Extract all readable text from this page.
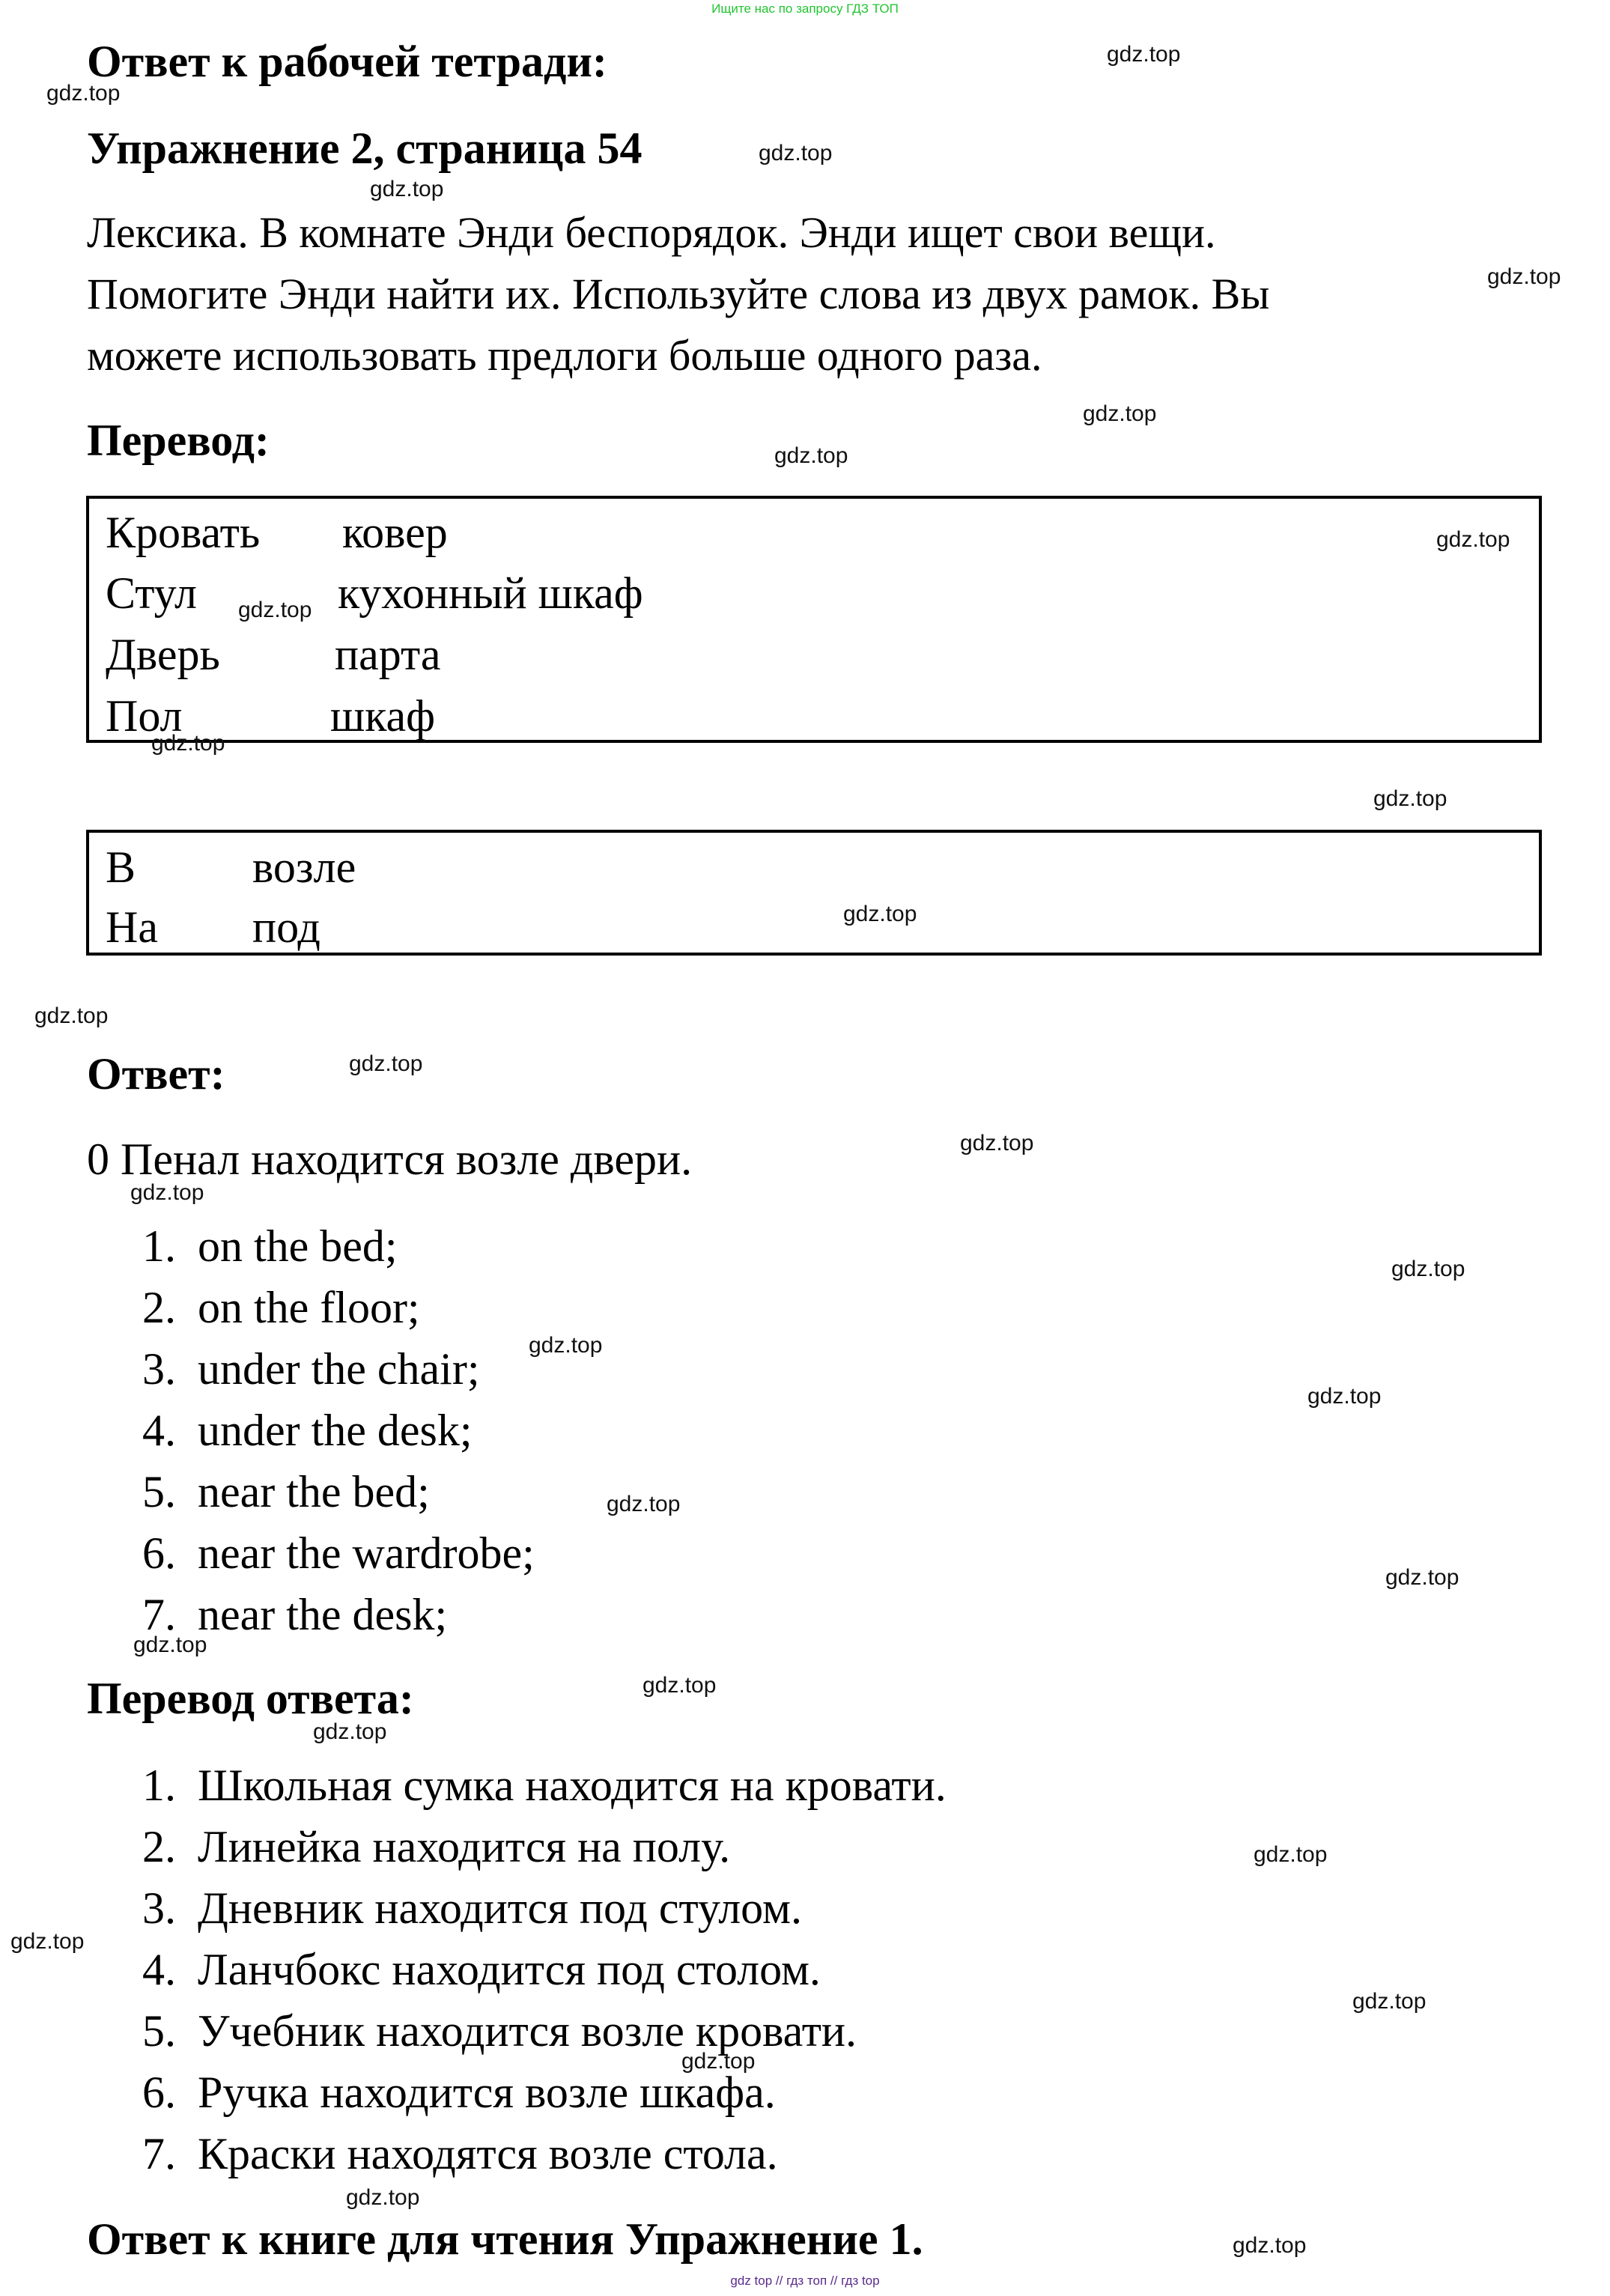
Ищите нас по запросу ГДЗ ТОП
Ответ к рабочей тетради:
Упражнение 2, страница 54
Лексика. В комнате Энди беспорядок. Энди ищет свои вещи.
Помогите Энди найти их. Используйте слова из двух рамок. Вы
можете использовать предлоги больше одного раза.
Перевод:
Кровать ковер
Стул	кухонный шкаф
Дверь	парта
Пол	шкаф
В	возле
На под
Ответ:
0 Пенал находится возле двери.
1. on the bed;
2. on the floor;
3. under the chair;
4. under the desk;
5. near the bed;
6. near the wardrobe;
7. near the desk;
Перевод ответа:
1. Школьная сумка находится на кровати.
2. Линейка находится на полу.
3. Дневник находится под стулом.
4. Ланчбокс находится под столом.
5. Учебник находится возле кровати.
6. Ручка находится возле шкафа.
7. Краски находятся возле стола.
Ответ к книге для чтения Упражнение 1.
gdz.top
gdz.top
gdz.top
gdz.top
gdz.top
gdz.top
gdz.top
gdz.top
gdz.top
gdz.top
gdz.top
gdz.top
gdz.top
gdz.top
gdz.top
gdz.top
gdz.top
gdz.top
gdz.top
gdz.top
gdz.top
gdz.top
gdz.top
gdz.top
gdz.top
gdz.top
gdz.top
gdz.top
gdz.top
gdz.top
gdz top // гдз топ // гдз top
